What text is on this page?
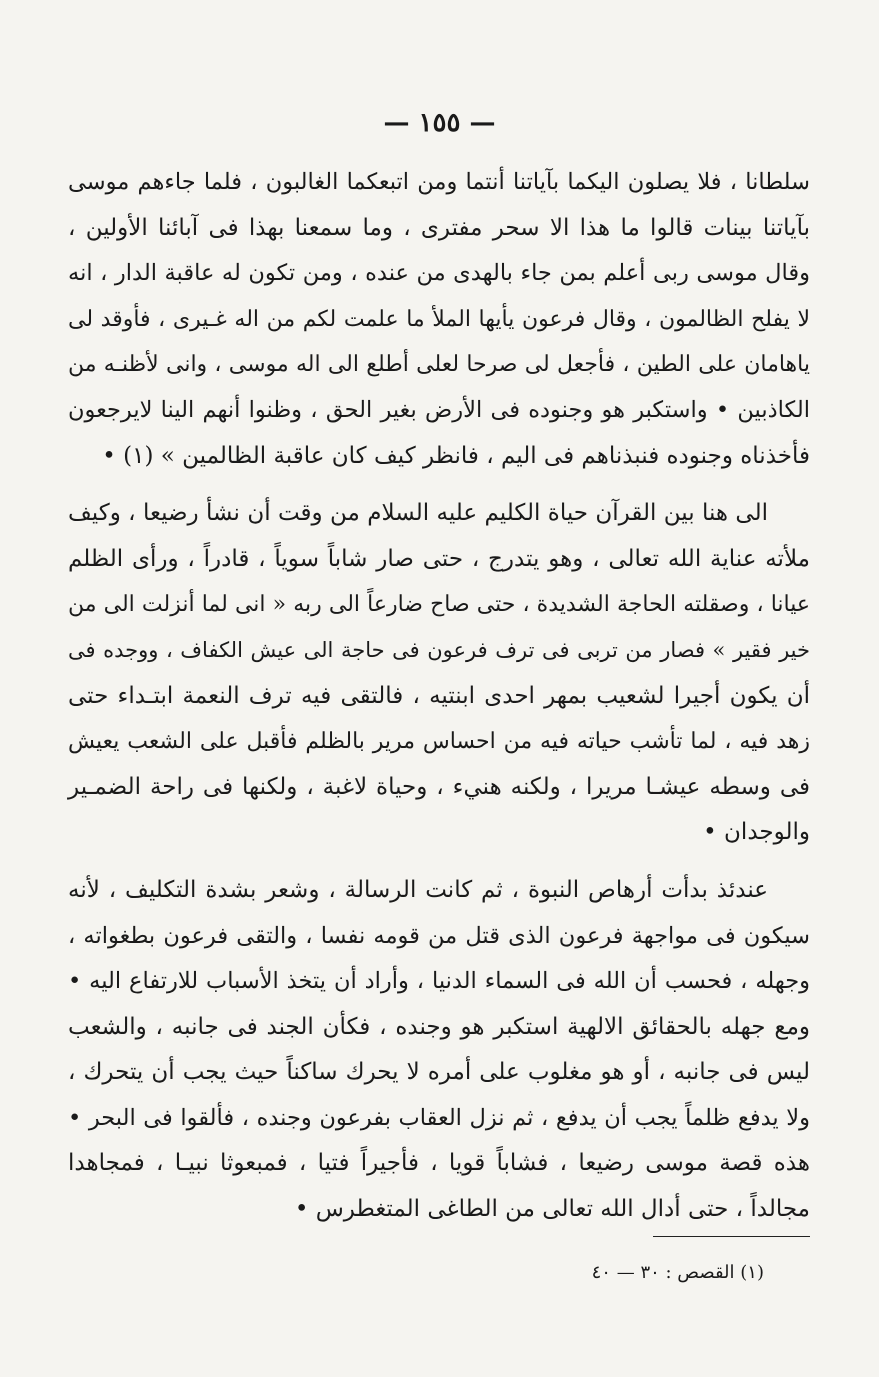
— ١٥٥ —
سلطانا ، فلا يصلون اليكما بآياتنا أنتما ومن اتبعكما الغالبون ، فلما جاءهم موسى
بآياتنا بينات قالوا ما هذا الا سحر مفترى ، وما سمعنا بهذا فى آبائنا الأولين ،
وقال موسى ربى أعلم بمن جاء بالهدى من عنده ، ومن تكون له عاقبة الدار ، انه
لا يفلح الظالمون ، وقال فرعون يأيها الملأ ما علمت لكم من اله غـيرى ، فأوقد لى
ياهامان على الطين ، فأجعل لى صرحا لعلى أطلع الى اله موسى ، وانى لأظنـه من
الكاذبين • واستكبر هو وجنوده فى الأرض بغير الحق ، وظنوا أنهم الينا لايرجعون
فأخذناه وجنوده فنبذناهم فى اليم ، فانظر كيف كان عاقبة الظالمين » (١) •
الى هنا بين القرآن حياة الكليم عليه السلام من وقت أن نشأ رضيعا ، وكيف
ملأته عناية الله تعالى ، وهو يتدرج ، حتى صار شاباً سوياً ، قادراً ، ورأى الظلم
عيانا ، وصقلته الحاجة الشديدة ، حتى صاح ضارعاً الى ربه « انى لما أنزلت الى من
خير فقير » فصار من تربى فى ترف فرعون فى حاجة الى عيش الكفاف ، ووجده فى
أن يكون أجيرا لشعيب بمهر احدى ابنتيه ، فالتقى فيه ترف النعمة ابتـداء حتى
زهد فيه ، لما تأشب حياته فيه من احساس مرير بالظلم فأقبل على الشعب يعيش
فى وسطه عيشـا مريرا ، ولكنه هنيء ، وحياة لاغبة ، ولكنها فى راحة الضمـير
والوجدان •
عندئذ بدأت أرهاص النبوة ، ثم كانت الرسالة ، وشعر بشدة التكليف ، لأنه
سيكون فى مواجهة فرعون الذى قتل من قومه نفسا ، والتقى فرعون بطغواته ،
وجهله ، فحسب أن الله فى السماء الدنيا ، وأراد أن يتخذ الأسباب للارتفاع اليه •
ومع جهله بالحقائق الالهية استكبر هو وجنده ، فكأن الجند فى جانبه ، والشعب
ليس فى جانبه ، أو هو مغلوب على أمره لا يحرك ساكناً حيث يجب أن يتحرك ،
ولا يدفع ظلماً يجب أن يدفع ، ثم نزل العقاب بفرعون وجنده ، فألقوا فى البحر •
هذه قصة موسى رضيعا ، فشاباً قويا ، فأجيراً فتيا ، فمبعوثا نبيـا ، فمجاهدا
مجالداً ، حتى أدال الله تعالى من الطاغى المتغطرس •
(١) القصص : ٣٠ — ٤٠
